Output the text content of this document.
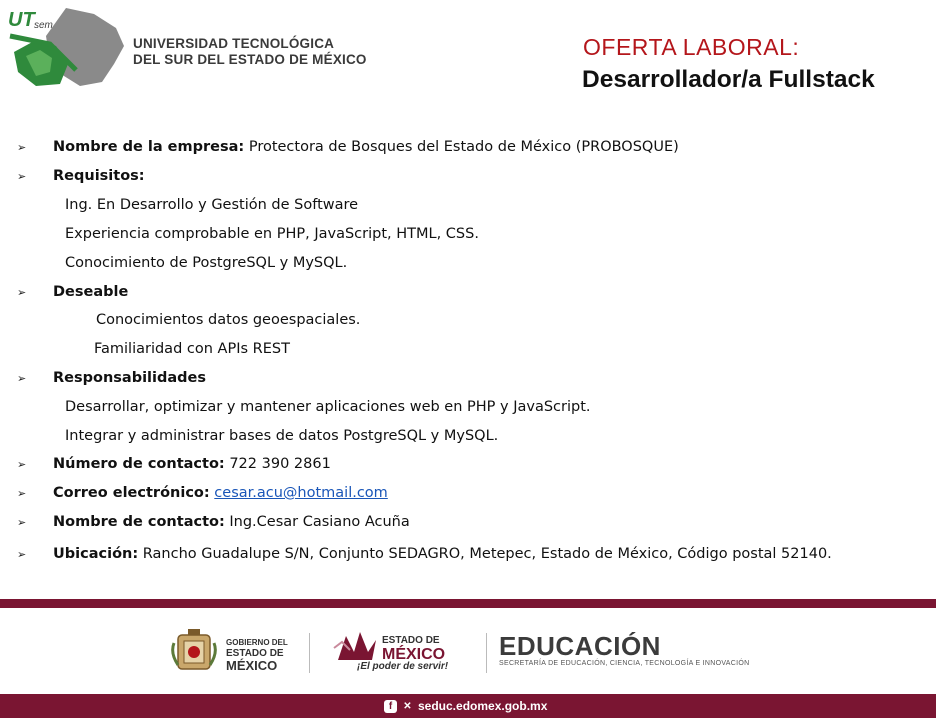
UT sem
UNIVERSIDAD TECNOLÓGICA
DEL SUR DEL ESTADO DE MÉXICO	OFERTA LABORAL:
Desarrollador/a Fullstack
➢
➢
➢
➢
➢
➢
➢
➢
Nombre de la empresa: Protectora de Bosques del Estado de México (PROBOSQUE)
Requisitos:
Ing. En Desarrollo y Gestión de Software
Experiencia comprobable en PHP, JavaScript, HTML, CSS.
Conocimiento de PostgreSQL y MySQL.
Deseable
Conocimientos datos geoespaciales.
Familiaridad con APIs REST
Responsabilidades
Desarrollar, optimizar y mantener aplicaciones web en PHP y JavaScript.
Integrar y administrar bases de datos PostgreSQL y MySQL.
Número de contacto: 722 390 2861
Correo electrónico: cesar.acu@hotmail.com
Nombre de contacto: Ing.Cesar Casiano Acuña
Ubicación: Rancho Guadalupe S/N, Conjunto SEDAGRO, Metepec, Estado de México, Código postal 52140.
GOBIERNO DEL
ESTADO DE
MÉXICO
ESTADO DE
MÉXICO
¡El poder de servir!
EDUCACIÓN
SECRETARÍA DE EDUCACIÓN, CIENCIA, TECNOLOGÍA E INNOVACIÓN
f	✕ seduc.edomex.gob.mx
